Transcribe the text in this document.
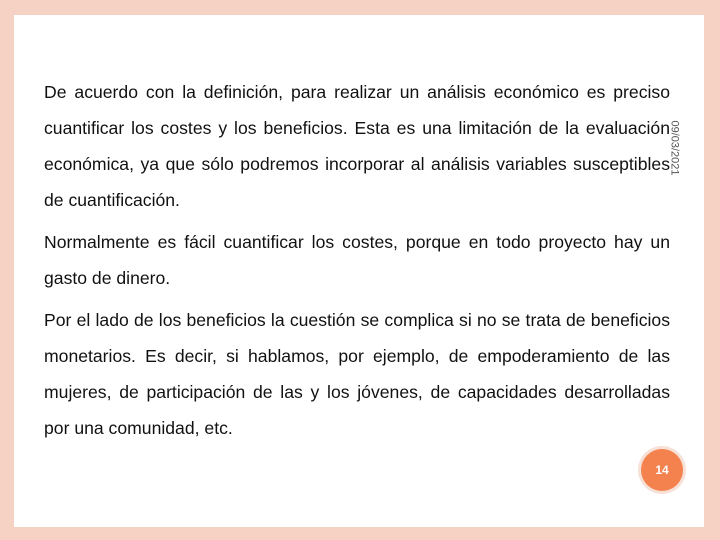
De acuerdo con la definición, para realizar un análisis económico es preciso cuantificar los costes y los beneficios. Esta es una limitación de la evaluación económica, ya que sólo podremos incorporar al análisis variables susceptibles de cuantificación.

Normalmente es fácil cuantificar los costes, porque en todo proyecto hay un gasto de dinero.

Por el lado de los beneficios la cuestión se complica si no se trata de beneficios monetarios. Es decir, si hablamos, por ejemplo, de empoderamiento de las mujeres, de participación de las y los jóvenes, de capacidades desarrolladas por una comunidad, etc.

09/03/2021
14
